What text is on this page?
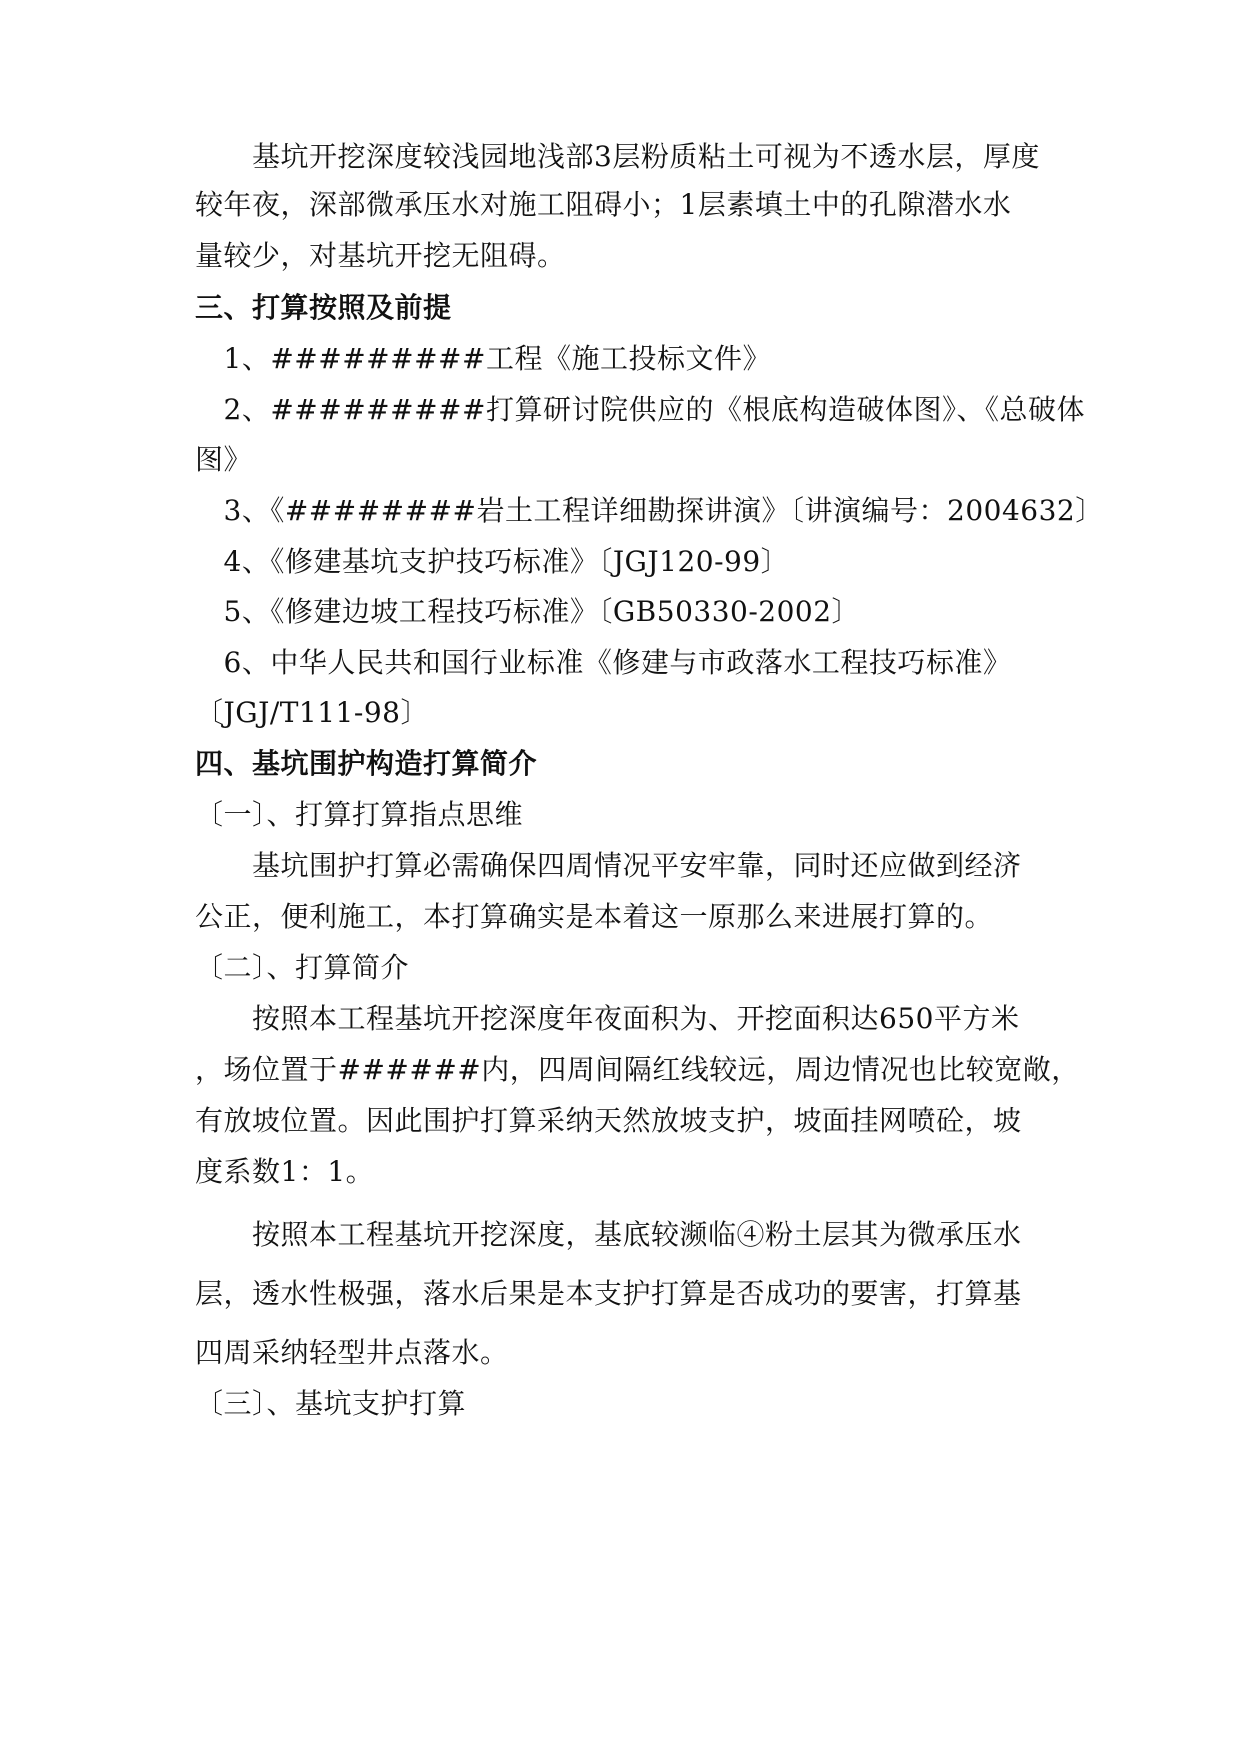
　　基坑开挖深度较浅园地浅部3层粉质粘土可视为不透水层，厚度
较年夜，深部微承压水对施工阻碍小；1层素填土中的孔隙潜水水
量较少，对基坑开挖无阻碍。
三、打算按照及前提
　1、#########工程《施工投标文件》
　2、#########打算研讨院供应的《根底构造破体图》、《总破体
图》
　3、《########岩土工程详细勘探讲演》〔讲演编号：2004632〕
　4、《修建基坑支护技巧标准》〔JGJ120-99〕
　5、《修建边坡工程技巧标准》〔GB50330-2002〕
　6、中华人民共和国行业标准《修建与市政落水工程技巧标准》
〔JGJ/T111-98〕
四、基坑围护构造打算简介
〔一〕、打算打算指点思维
　　基坑围护打算必需确保四周情况平安牢靠，同时还应做到经济
公正，便利施工，本打算确实是本着这一原那么来进展打算的。
〔二〕、打算简介
　　按照本工程基坑开挖深度年夜面积为、开挖面积达650平方米
，场位置于######内，四周间隔红线较远，周边情况也比较宽敞，
有放坡位置。因此围护打算采纳天然放坡支护，坡面挂网喷砼，坡
度系数1：1。
　　按照本工程基坑开挖深度，基底较濒临④粉土层其为微承压水
层，透水性极强，落水后果是本支护打算是否成功的要害，打算基
四周采纳轻型井点落水。
〔三〕、基坑支护打算
